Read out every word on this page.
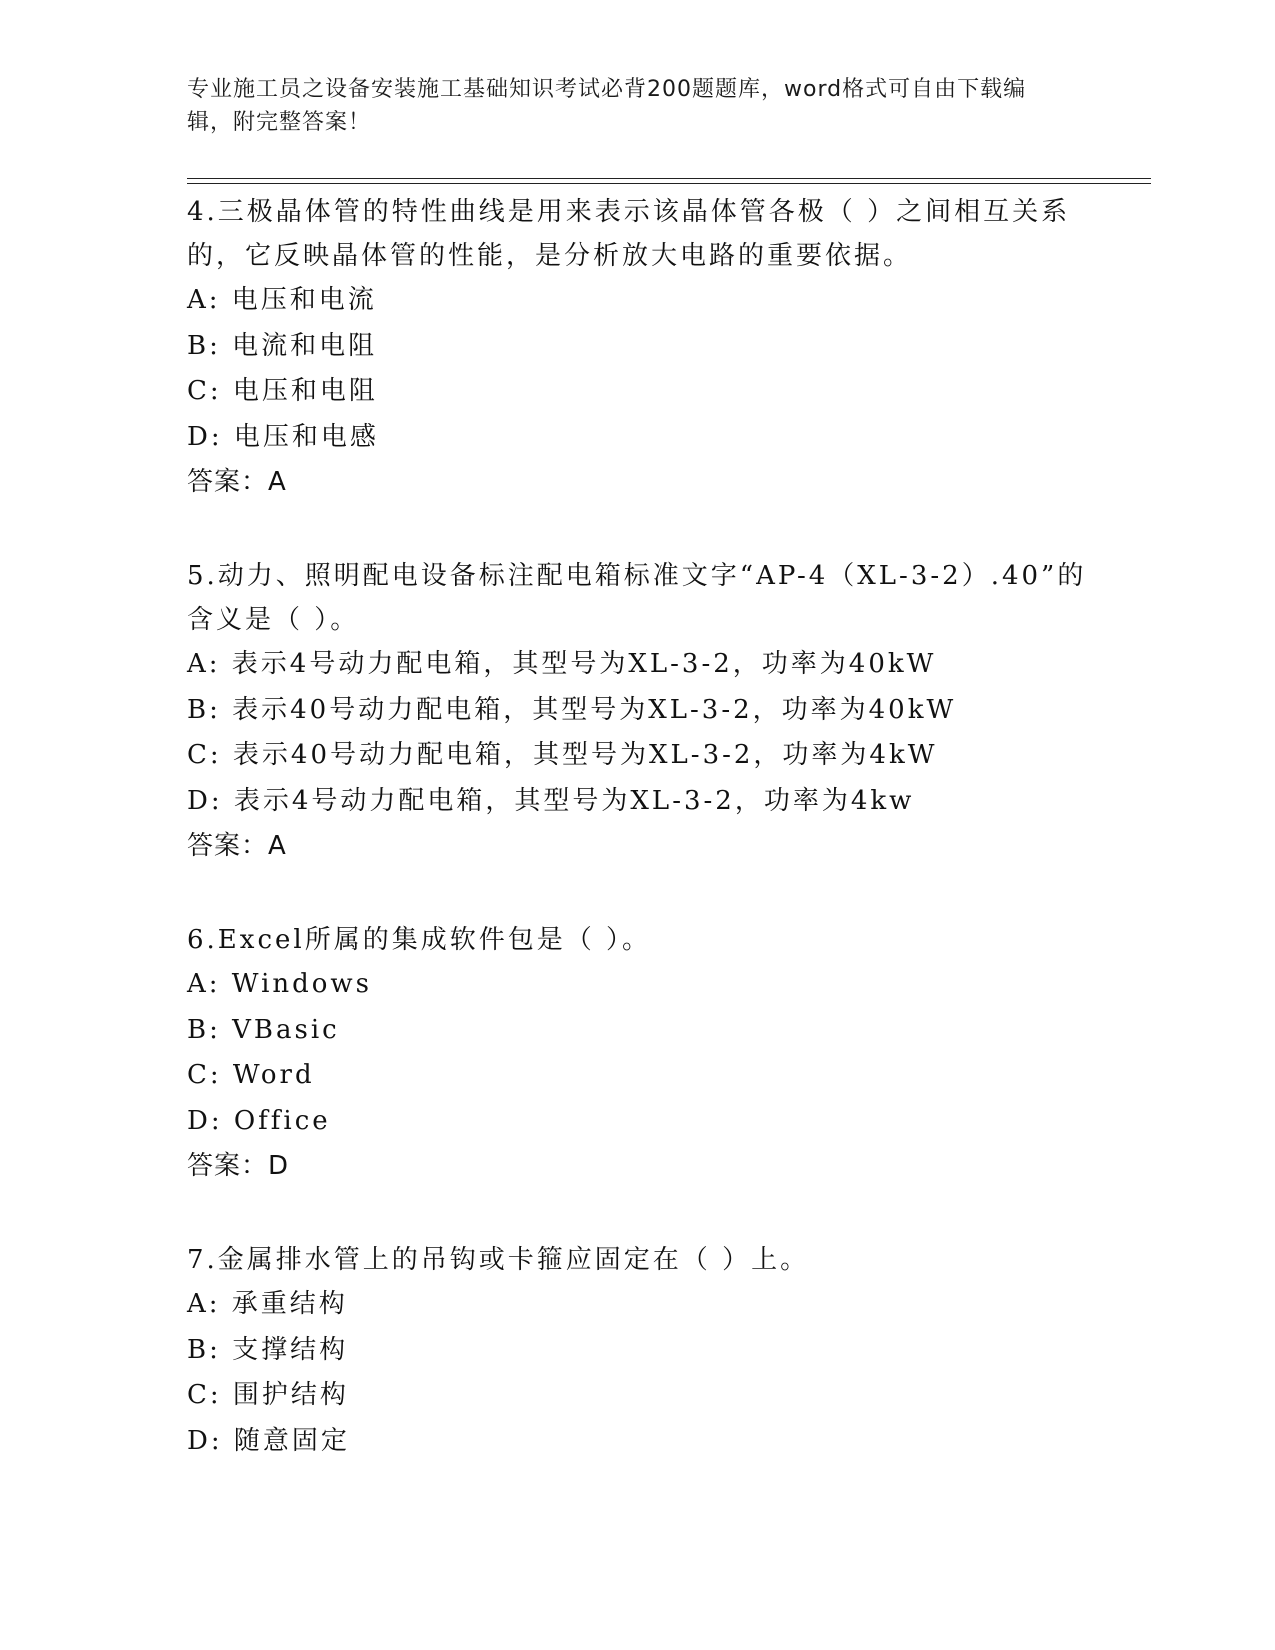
专业施工员之设备安装施工基础知识考试必背200题题库，word格式可自由下载编辑，附完整答案！

4.三极晶体管的特性曲线是用来表示该晶体管各极（ ）之间相互关系的，它反映晶体管的性能，是分析放大电路的重要依据。

A: 电压和电流

B: 电流和电阻

C: 电压和电阻

D: 电压和电感

答案：A

5.动力、照明配电设备标注配电箱标准文字“AP-4（XL-3-2）.40”的含义是（ ）。

A: 表示4号动力配电箱，其型号为XL-3-2，功率为40kW

B: 表示40号动力配电箱，其型号为XL-3-2，功率为40kW

C: 表示40号动力配电箱，其型号为XL-3-2，功率为4kW

D: 表示4号动力配电箱，其型号为XL-3-2，功率为4kw

答案：A

6.Excel所属的集成软件包是（ ）。

A: Windows

B: VBasic

C: Word

D: Office

答案：D

7.金属排水管上的吊钩或卡箍应固定在（ ）上。

A: 承重结构

B: 支撑结构

C: 围护结构

D: 随意固定
